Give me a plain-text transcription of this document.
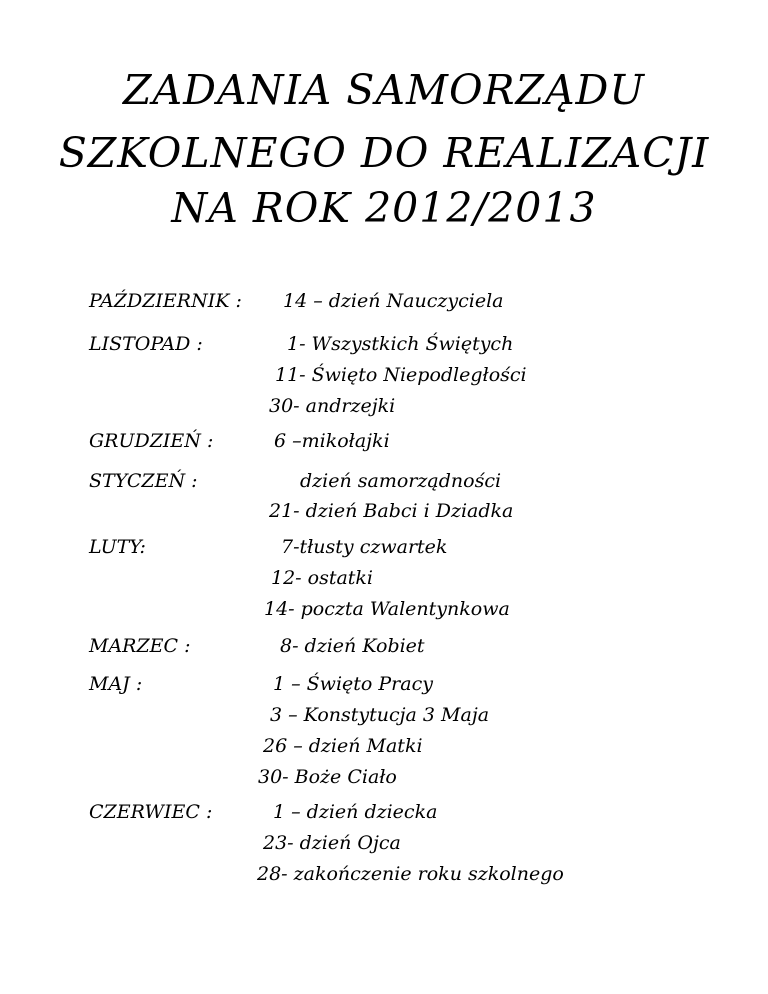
ZADANIA SAMORZĄDU
SZKOLNEGO DO REALIZACJI
NA ROK 2012/2013
PAŹDZIERNIK : 14 – dzień Nauczyciela
LISTOPAD :	1- Wszystkich Świętych
11- Święto Niepodległości
30- andrzejki
GRUDZIEŃ :	6 –mikołajki
STYCZEŃ :	dzień samorządności
21- dzień Babci i Dziadka
LUTY:	7-tłusty czwartek
12- ostatki
14- poczta Walentynkowa
MARZEC :	8- dzień Kobiet
MAJ :	1 – Święto Pracy
3 – Konstytucja 3 Maja
26 – dzień Matki
30- Boże Ciało
CZERWIEC :	1 – dzień dziecka
23- dzień Ojca
28- zakończenie roku szkolnego
